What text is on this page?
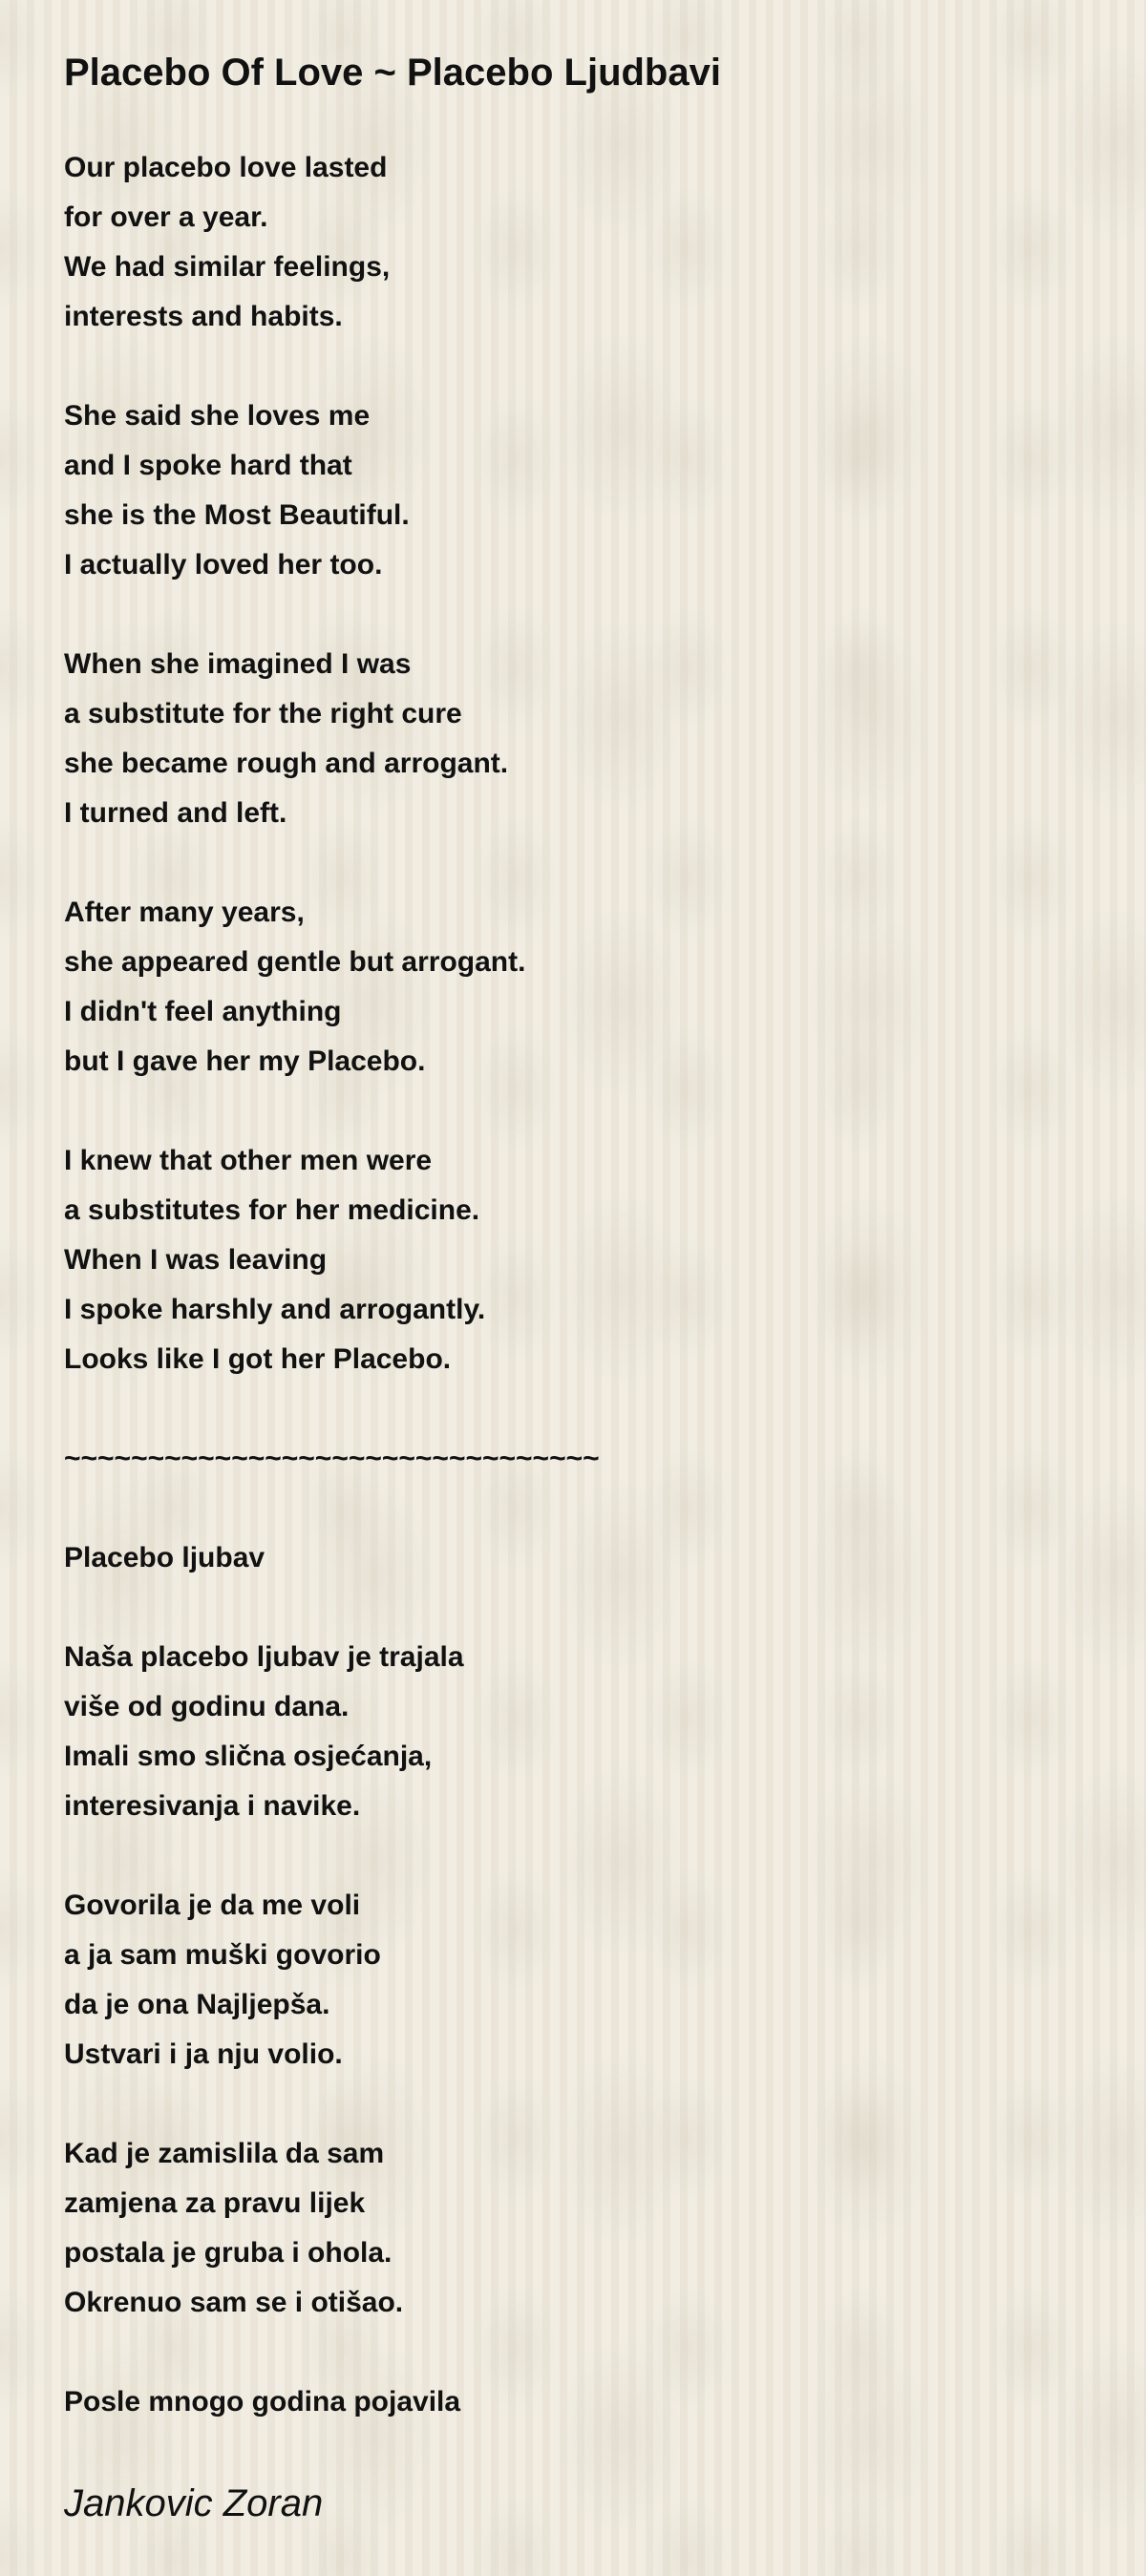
Placebo Of Love ~ Placebo Ljudbavi
Our placebo love lasted
for over a year.
We had similar feelings,
interests and habits.
She said she loves me
and I spoke hard that
she is the Most Beautiful.
I actually loved her too.
When she imagined I was
a substitute for the right cure
she became rough and arrogant.
I turned and left.
After many years,
she appeared gentle but arrogant.
I didn't feel anything
but I gave her my Placebo.
I knew that other men were
a substitutes for her medicine.
When I was leaving
I spoke harshly and arrogantly.
Looks like I got her Placebo.
~~~~~~~~~~~~~~~~~~~~~~~~~~~~~~~~
Placebo ljubav
Naša placebo ljubav je trajala
više od godinu dana.
Imali smo slična osjećanja,
interesivanja i navike.
Govorila je da me voli
a ja sam muški govorio
da je ona Najljepša.
Ustvari i ja nju volio.
Kad je zamislila da sam
zamjena za pravu lijek
postala je gruba i ohola.
Okrenuo sam se i otišao.
Posle mnogo godina pojavila
Jankovic Zoran
